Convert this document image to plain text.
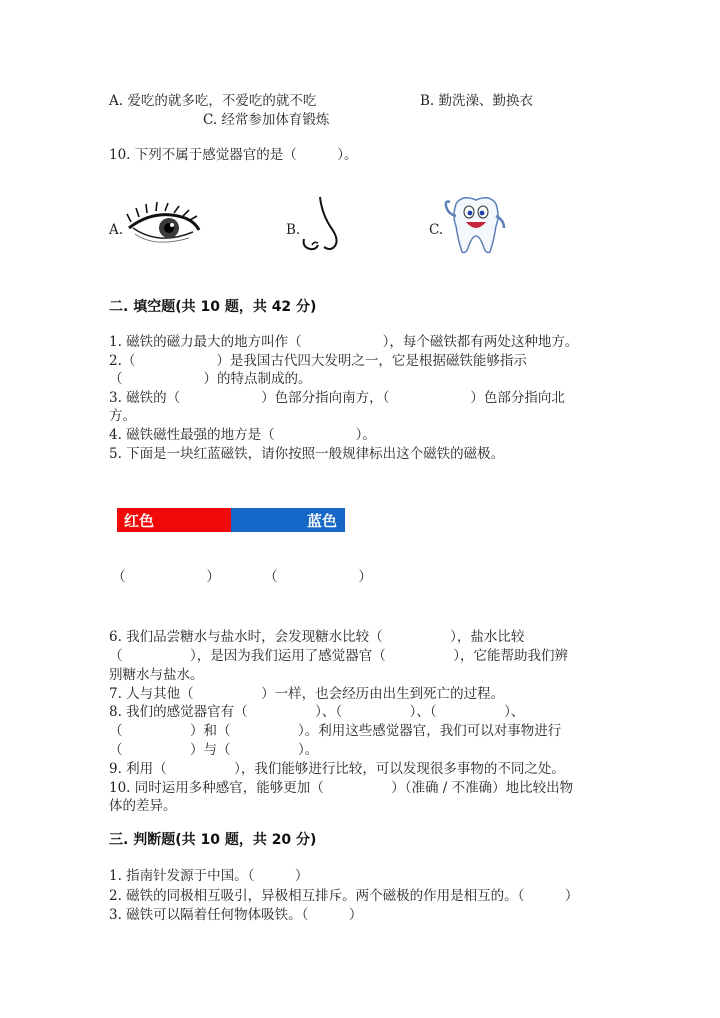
A. 爱吃的就多吃，不爱吃的就不吃	B. 勤洗澡、勤换衣
C. 经常参加体育锻炼
10. 下列不属于感觉器官的是（　　　）。
A.	B.	C.
二. 填空题(共 10 题，共 42 分)
1. 磁铁的磁力最大的地方叫作（　　　　　　），每个磁铁都有两处这种地方。
2.（　　　　　　）是我国古代四大发明之一，它是根据磁铁能够指示
（　　　　　　）的特点制成的。
3. 磁铁的（　　　　　　）色部分指向南方，（　　　　　　）色部分指向北
方。
4. 磁铁磁性最强的地方是（　　　　　　）。
5. 下面是一块红蓝磁铁，请你按照一般规律标出这个磁铁的磁极。
红色	蓝色
（　　　　　　）	（　　　　　　）
6. 我们品尝糖水与盐水时，会发现糖水比较（　　　　　），盐水比较
（　　　　　），是因为我们运用了感觉器官（　　　　　），它能帮助我们辨
别糖水与盐水。
7. 人与其他（　　　　　）一样，也会经历由出生到死亡的过程。
8. 我们的感觉器官有（　　　　　）、（　　　　　）、（　　　　　）、
（　　　　　）和（　　　　　）。利用这些感觉器官，我们可以对事物进行
（　　　　　）与（　　　　　）。
9. 利用（　　　　　），我们能够进行比较，可以发现很多事物的不同之处。
10. 同时运用多种感官，能够更加（　　　　　）（准确 / 不准确）地比较出物
体的差异。
三. 判断题(共 10 题，共 20 分)
1. 指南针发源于中国。（　　　）
2. 磁铁的同极相互吸引，异极相互排斥。两个磁极的作用是相互的。（　　　）
3. 磁铁可以隔着任何物体吸铁。（　　　）
